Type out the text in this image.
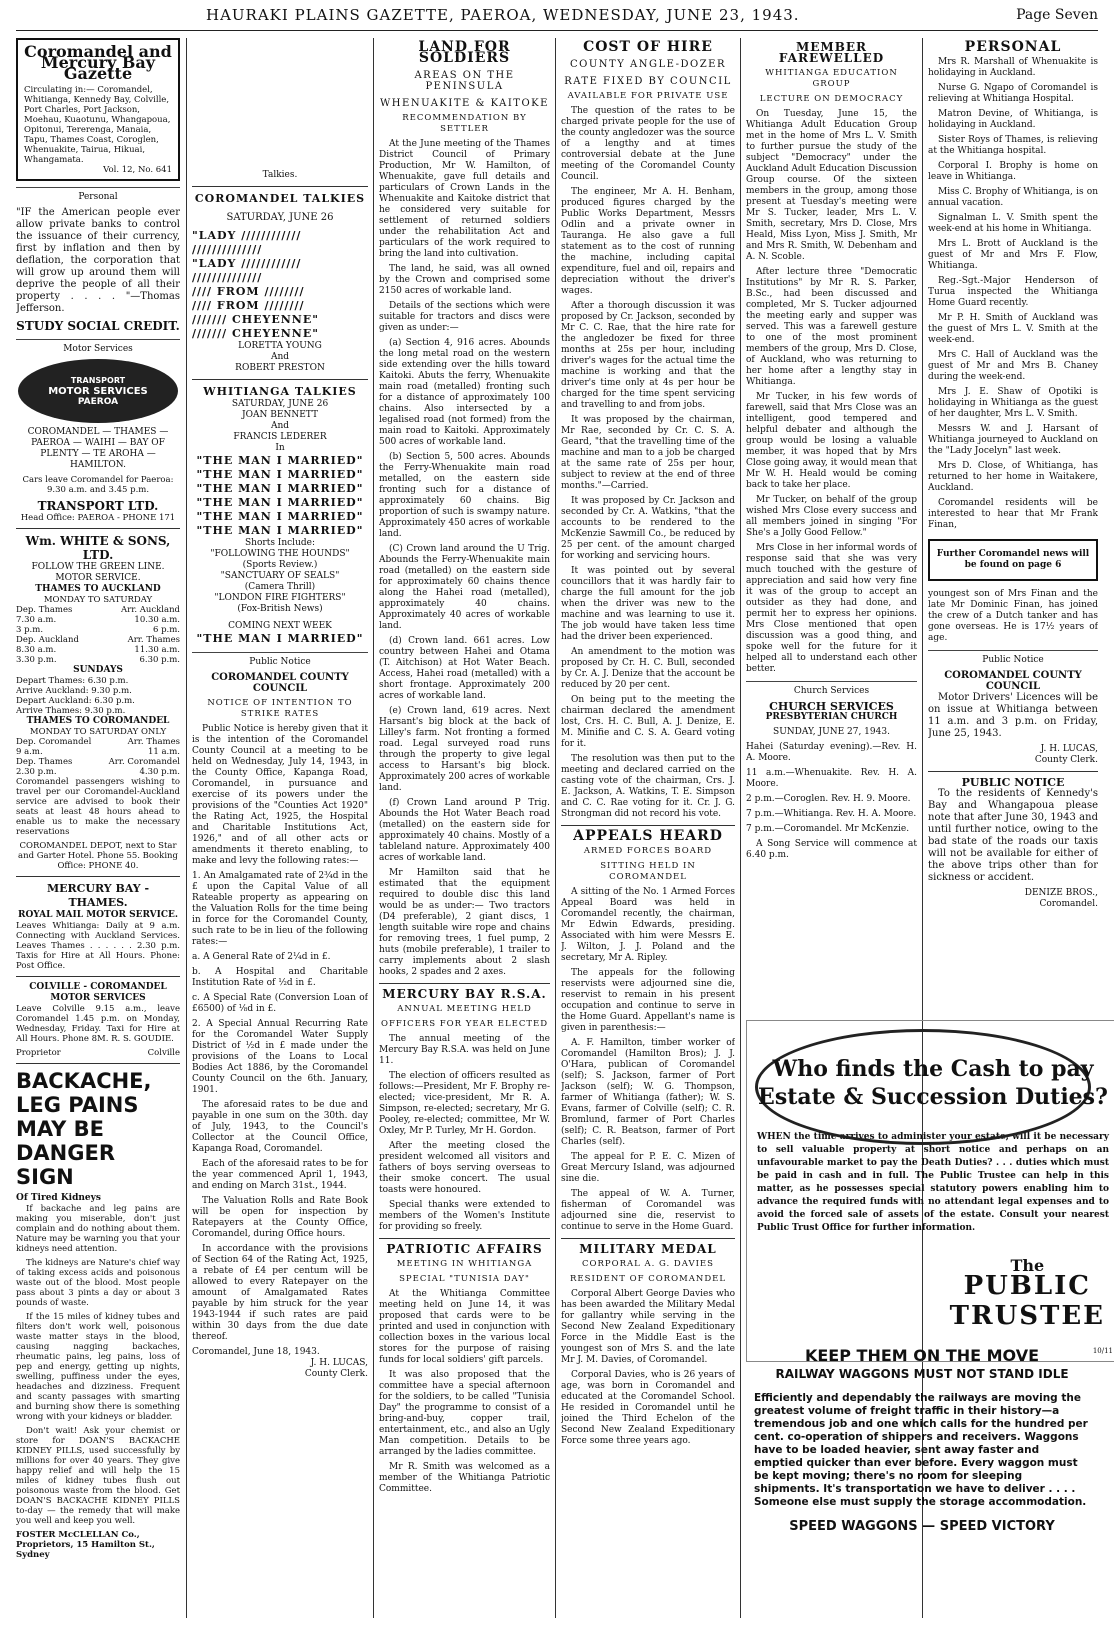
HAURAKI PLAINS GAZETTE, PAEROA, WEDNESDAY, JUNE 23, 1943.	Page Seven
Coromandel and Mercury Bay Gazette
Circulating in:— Coromandel, Whitianga, Kennedy Bay, Colville, Port Charles, Port Jackson, Moehau, Kuaotunu, Whangapoua, Opitonui, Tererenga, Manaia, Tapu, Thames Coast, Coroglen, Whenuakite, Tairua, Hikuai, Whangamata.
Vol. 12, No. 641
Personal

"IF the American people ever allow private banks to control the issuance of their currency, first by inflation and then by deflation, the corporation that will grow up around them will deprive the people of all their property . . . . "—Thomas Jefferson.

STUDY SOCIAL CREDIT.
Motor Services
TRANSPORT
MOTOR SERVICES
PAEROA

COROMANDEL — THAMES — PAEROA — WAIHI — BAY OF PLENTY — TE AROHA — HAMILTON.

Cars leave Coromandel for Paeroa: 9.30 a.m. and 3.45 p.m.

TRANSPORT LTD.
Head Office: PAEROA - PHONE 171
Wm. WHITE & SONS, LTD.
FOLLOW THE GREEN LINE. MOTOR SERVICE.
THAMES TO AUCKLAND
MONDAY TO SATURDAY
Dep. Thames	Arr. Auckland
7.30 a.m.	10.30 a.m.
3 p.m.	6 p.m.
Dep. Auckland	Arr. Thames
8.30 a.m.	11.30 a.m.
3.30 p.m.	6.30 p.m.
SUNDAYS
Depart Thames: 6.30 p.m.
Arrive Auckland: 9.30 p.m.
Depart Auckland: 6.30 p.m.
Arrive Thames: 9.30 p.m.
THAMES TO COROMANDEL
MONDAY TO SATURDAY ONLY
Dep. Coromandel	Arr. Thames
9 a.m.	11 a.m.
Dep. Thames	Arr. Coromandel
2.30 p.m.	4.30 p.m.

Coromandel passengers wishing to travel per our Coromandel-Auckland service are advised to book their seats at least 48 hours ahead to enable us to make the necessary reservations

COROMANDEL DEPOT, next to Star and Garter Hotel. Phone 55. Booking Office: PHONE 40.

MERCURY BAY - THAMES.
ROYAL MAIL MOTOR SERVICE.

Leaves Whitianga: Daily at 9 a.m. Connecting with Auckland Services. Leaves Thames . . . . . . 2.30 p.m. Taxis for Hire at All Hours. Phone: Post Office.

COLVILLE - COROMANDEL MOTOR SERVICES

Leave Colville 9.15 a.m., leave Coromandel 1.45 p.m. on Monday, Wednesday, Friday. Taxi for Hire at All Hours. Phone 8M. R. S. GOUDIE.

Proprietor	Colville
BACKACHE, LEG PAINS MAY BE DANGER SIGN
Of Tired Kidneys

If backache and leg pains are making you miserable, don't just complain and do nothing about them. Nature may be warning you that your kidneys need attention.

The kidneys are Nature's chief way of taking excess acids and poisonous waste out of the blood. Most people pass about 3 pints a day or about 3 pounds of waste.

If the 15 miles of kidney tubes and filters don't work well, poisonous waste matter stays in the blood, causing nagging backaches, rheumatic pains, leg pains, loss of pep and energy, getting up nights, swelling, puffiness under the eyes, headaches and dizziness. Frequent and scanty passages with smarting and burning show there is something wrong with your kidneys or bladder.

Don't wait! Ask your chemist or store for DOAN'S BACKACHE KIDNEY PILLS, used successfully by millions for over 40 years. They give happy relief and will help the 15 miles of kidney tubes flush out poisonous waste from the blood. Get DOAN'S BACKACHE KIDNEY PILLS to-day — the remedy that will make you well and keep you well.

FOSTER McCLELLAN Co., Proprietors, 15 Hamilton St., Sydney
Talkies.
COROMANDEL TALKIES
SATURDAY, JUNE 26
"LADY ////////////
//////////////
"LADY ////////////
//////////////
//// FROM ////////
//// FROM ////////
/////// CHEYENNE"
/////// CHEYENNE"
LORETTA YOUNG
And
ROBERT PRESTON
WHITIANGA TALKIES
SATURDAY, JUNE 26
JOAN BENNETT
And
FRANCIS LEDERER
In
"THE MAN I MARRIED"
"THE MAN I MARRIED"
"THE MAN I MARRIED"
"THE MAN I MARRIED"
"THE MAN I MARRIED"
"THE MAN I MARRIED"
Shorts Include:
"FOLLOWING THE HOUNDS"
(Sports Review.)
"SANCTUARY OF SEALS"
(Camera Thrill)
"LONDON FIRE FIGHTERS"
(Fox-British News)
COMING NEXT WEEK
"THE MAN I MARRIED"
Public Notice
COROMANDEL COUNTY COUNCIL
NOTICE OF INTENTION TO STRIKE RATES

Public Notice is hereby given that it is the intention of the Coromandel County Council at a meeting to be held on Wednesday, July 14, 1943, in the County Office, Kapanga Road, Coromandel, in pursuance and exercise of its powers under the provisions of the "Counties Act 1920" the Rating Act, 1925, the Hospital and Charitable Institutions Act, 1926," and of all other acts or amendments it thereto enabling, to make and levy the following rates:—

1. An Amalgamated rate of 2¾d in the £ upon the Capital Value of all Rateable property as appearing on the Valuation Rolls for the time being in force for the Coromandel County, such rate to be in lieu of the following rates:—

a. A General Rate of 2¼d in £.

b. A Hospital and Charitable Institution Rate of ½d in £.

c. A Special Rate (Conversion Loan of £6500) of ⅛d in £.

2. A Special Annual Recurring Rate for the Coromandel Water Supply District of ½d in £ made under the provisions of the Loans to Local Bodies Act 1886, by the Coromandel County Council on the 6th. January, 1901.

The aforesaid rates to be due and payable in one sum on the 30th. day of July, 1943, to the Council's Collector at the Council Office, Kapanga Road, Coromandel.

Each of the aforesaid rates to be for the year commenced April 1, 1943, and ending on March 31st., 1944.

The Valuation Rolls and Rate Book will be open for inspection by Ratepayers at the County Office, Coromandel, during Office hours.

In accordance with the provisions of Section 64 of the Rating Act, 1925, a rebate of £4 per centum will be allowed to every Ratepayer on the amount of Amalgamated Rates payable by him struck for the year 1943-1944 if such rates are paid within 30 days from the due date thereof.

Coromandel, June 18, 1943.
J. H. LUCAS,
County Clerk.
LAND FOR SOLDIERS
AREAS ON THE PENINSULA
WHENUAKITE & KAITOKE
RECOMMENDATION BY SETTLER

At the June meeting of the Thames District Council of Primary Production, Mr W. Hamilton, of Whenuakite, gave full details and particulars of Crown Lands in the Whenuakite and Kaitoke district that he considered very suitable for settlement of returned soldiers under the rehabilitation Act and particulars of the work required to bring the land into cultivation.

The land, he said, was all owned by the Crown and comprised some 2150 acres of workable land.

Details of the sections which were suitable for tractors and discs were given as under:—

(a) Section 4, 916 acres. Abounds the long metal road on the western side extending over the hills toward Kaitoki. Abuts the ferry, Whenuakite main road (metalled) fronting such for a distance of approximately 100 chains. Also intersected by a legalised road (not formed) from the main road to Kaitoki. Approximately 500 acres of workable land.

(b) Section 5, 500 acres. Abounds the Ferry-Whenuakite main road metalled, on the eastern side fronting such for a distance of approximately 60 chains. Big proportion of such is swampy nature. Approximately 450 acres of workable land.

(C) Crown land around the U Trig. Abounds the Ferry-Whenuakite main road (metalled) on the eastern side for approximately 60 chains thence along the Hahei road (metalled), approximately 40 chains. Approximately 40 acres of workable land.

(d) Crown land. 661 acres. Low country between Hahei and Otama (T. Aitchison) at Hot Water Beach. Access, Hahei road (metalled) with a short frontage. Approximately 200 acres of workable land.

(e) Crown land, 619 acres. Next Harsant's big block at the back of Lilley's farm. Not fronting a formed road. Legal surveyed road runs through the property to give legal access to Harsant's big block. Approximately 200 acres of workable land.

(f) Crown Land around P Trig. Abounds the Hot Water Beach road (metalled) on the eastern side for approximately 40 chains. Mostly of a tableland nature. Approximately 400 acres of workable land.

Mr Hamilton said that he estimated that the equipment required to double disc this land would be as under:— Two tractors (D4 preferable), 2 giant discs, 1 length suitable wire rope and chains for removing trees, 1 fuel pump, 2 huts (mobile preferable), 1 trailer to carry implements about 2 slash hooks, 2 spades and 2 axes.

MERCURY BAY R.S.A.
ANNUAL MEETING HELD
OFFICERS FOR YEAR ELECTED

The annual meeting of the Mercury Bay R.S.A. was held on June 11.

The election of officers resulted as follows:—President, Mr F. Brophy re-elected; vice-president, Mr R. A. Simpson, re-elected; secretary, Mr G. Pooley, re-elected; committee, Mr W. Oxley, Mr P. Turley, Mr H. Gordon.

After the meeting closed the president welcomed all visitors and fathers of boys serving overseas to their smoke concert. The usual toasts were honoured.

Special thanks were extended to members of the Women's Institute for providing so freely.

PATRIOTIC AFFAIRS
MEETING IN WHITIANGA
SPECIAL "TUNISIA DAY"

At the Whitianga Committee meeting held on June 14, it was proposed that cards were to be printed and used in conjunction with collection boxes in the various local stores for the purpose of raising funds for local soldiers' gift parcels.

It was also proposed that the committee have a special afternoon for the soldiers, to be called "Tunisia Day" the programme to consist of a bring-and-buy, copper trail, entertainment, etc., and also an Ugly Man competition. Details to be arranged by the ladies committee.

Mr R. Smith was welcomed as a member of the Whitianga Patriotic Committee.

COST OF HIRE
COUNTY ANGLE-DOZER
RATE FIXED BY COUNCIL
AVAILABLE FOR PRIVATE USE

The question of the rates to be charged private people for the use of the county angledozer was the source of a lengthy and at times controversial debate at the June meeting of the Coromandel County Council.

The engineer, Mr A. H. Benham, produced figures charged by the Public Works Department, Messrs Odlin and a private owner in Tauranga. He also gave a full statement as to the cost of running the machine, including capital expenditure, fuel and oil, repairs and depreciation without the driver's wages.

After a thorough discussion it was proposed by Cr. Jackson, seconded by Mr C. C. Rae, that the hire rate for the angledozer be fixed for three months at 25s per hour, including driver's wages for the actual time the machine is working and that the driver's time only at 4s per hour be charged for the time spent servicing and travelling to and from jobs.

It was proposed by the chairman, Mr Rae, seconded by Cr. C. S. A. Geard, "that the travelling time of the machine and man to a job be charged at the same rate of 25s per hour, subject to review at the end of three months."—Carried.

It was proposed by Cr. Jackson and seconded by Cr. A. Watkins, "that the accounts to be rendered to the McKenzie Sawmill Co., be reduced by 25 per cent. of the amount charged for working and servicing hours.

It was pointed out by several councillors that it was hardly fair to charge the full amount for the job when the driver was new to the machine and was learning to use it. The job would have taken less time had the driver been experienced.

An amendment to the motion was proposed by Cr. H. C. Bull, seconded by Cr. A. J. Denize that the account be reduced by 20 per cent.

On being put to the meeting the chairman declared the amendment lost, Crs. H. C. Bull, A. J. Denize, E. M. Minifie and C. S. A. Geard voting for it.

The resolution was then put to the meeting and declared carried on the casting vote of the chairman, Crs. J. E. Jackson, A. Watkins, T. E. Simpson and C. C. Rae voting for it. Cr. J. G. Strongman did not record his vote.

APPEALS HEARD
ARMED FORCES BOARD
SITTING HELD IN COROMANDEL

A sitting of the No. 1 Armed Forces Appeal Board was held in Coromandel recently, the chairman, Mr Edwin Edwards, presiding. Associated with him were Messrs E. J. Wilton, J. J. Poland and the secretary, Mr A. Ripley.

The appeals for the following reservists were adjourned sine die, reservist to remain in his present occupation and continue to serve in the Home Guard. Appellant's name is given in parenthesis:—

A. F. Hamilton, timber worker of Coromandel (Hamilton Bros); J. J. O'Hara, publican of Coromandel (self); S. Jackson, farmer of Port Jackson (self); W. G. Thompson, farmer of Whitianga (father); W. S. Evans, farmer of Colville (self); C. R. Bromlund, farmer of Port Charles (self); C. R. Beatson, farmer of Port Charles (self).

The appeal for P. E. C. Mizen of Great Mercury Island, was adjourned sine die.

The appeal of W. A. Turner, fisherman of Coromandel was adjourned sine die, reservist to continue to serve in the Home Guard.

MILITARY MEDAL
CORPORAL A. G. DAVIES
RESIDENT OF COROMANDEL

Corporal Albert George Davies who has been awarded the Military Medal for gallantry while serving in the Second New Zealand Expeditionary Force in the Middle East is the youngest son of Mrs S. and the late Mr J. M. Davies, of Coromandel.

Corporal Davies, who is 26 years of age, was born in Coromandel and educated at the Coromandel School. He resided in Coromandel until he joined the Third Echelon of the Second New Zealand Expeditionary Force some three years ago.

MEMBER FAREWELLED
WHITIANGA EDUCATION GROUP
LECTURE ON DEMOCRACY

On Tuesday, June 15, the Whitianga Adult Education Group met in the home of Mrs L. V. Smith to further pursue the study of the subject "Democracy" under the Auckland Adult Education Discussion Group course. Of the sixteen members in the group, among those present at Tuesday's meeting were Mr S. Tucker, leader, Mrs L. V. Smith, secretary, Mrs D. Close, Mrs Heald, Miss Lyon, Miss J. Smith, Mr and Mrs R. Smith, W. Debenham and A. N. Scoble.

After lecture three "Democratic Institutions" by Mr R. S. Parker, B.Sc., had been discussed and completed, Mr S. Tucker adjourned the meeting early and supper was served. This was a farewell gesture to one of the most prominent members of the group, Mrs D. Close, of Auckland, who was returning to her home after a lengthy stay in Whitianga.

Mr Tucker, in his few words of farewell, said that Mrs Close was an intelligent, good tempered and helpful debater and although the group would be losing a valuable member, it was hoped that by Mrs Close going away, it would mean that Mr W. H. Heald would be coming back to take her place.

Mr Tucker, on behalf of the group wished Mrs Close every success and all members joined in singing "For She's a Jolly Good Fellow."

Mrs Close in her informal words of response said that she was very much touched with the gesture of appreciation and said how very fine it was of the group to accept an outsider as they had done, and permit her to express her opinions. Mrs Close mentioned that open discussion was a good thing, and spoke well for the future for it helped all to understand each other better.

Church Services
CHURCH SERVICES
PRESBYTERIAN CHURCH
SUNDAY, JUNE 27, 1943.

Hahei (Saturday evening).—Rev. H. A. Moore.

11 a.m.—Whenuakite. Rev. H. A. Moore.

2 p.m.—Coroglen. Rev. H. 9. Moore.

7 p.m.—Whitianga. Rev. H. A. Moore.

7 p.m.—Coromandel. Mr McKenzie.

A Song Service will commence at 6.40 p.m.

PERSONAL

Mrs R. Marshall of Whenuakite is holidaying in Auckland.

Nurse G. Ngapo of Coromandel is relieving at Whitianga Hospital.

Matron Devine, of Whitianga, is holidaying in Auckland.

Sister Roys of Thames, is relieving at the Whitianga hospital.

Corporal I. Brophy is home on leave in Whitianga.

Miss C. Brophy of Whitianga, is on annual vacation.

Signalman L. V. Smith spent the week-end at his home in Whitianga.

Mrs L. Brott of Auckland is the guest of Mr and Mrs F. Flow, Whitianga.

Reg.-Sgt.-Major Henderson of Turua inspected the Whitianga Home Guard recently.

Mr P. H. Smith of Auckland was the guest of Mrs L. V. Smith at the week-end.

Mrs C. Hall of Auckland was the guest of Mr and Mrs B. Chaney during the week-end.

Mrs J. E. Shaw of Opotiki is holidaying in Whitianga as the guest of her daughter, Mrs L. V. Smith.

Messrs W. and J. Harsant of Whitianga journeyed to Auckland on the "Lady Jocelyn" last week.

Mrs D. Close, of Whitianga, has returned to her home in Waitakere, Auckland.

Coromandel residents will be interested to hear that Mr Frank Finan,

Further Coromandel news will be found on page 6

youngest son of Mrs Finan and the late Mr Dominic Finan, has joined the crew of a Dutch tanker and has gone overseas. He is 17½ years of age.

Public Notice
COROMANDEL COUNTY COUNCIL

Motor Drivers' Licences will be on issue at Whitianga between 11 a.m. and 3 p.m. on Friday, June 25, 1943.

J. H. LUCAS,
County Clerk.
PUBLIC NOTICE

To the residents of Kennedy's Bay and Whangapoua please note that after June 30, 1943 and until further notice, owing to the bad state of the roads our taxis will not be available for either of the above trips other than for sickness or accident.

DENIZE BROS.,
Coromandel.
Who finds the Cash to pay
Estate & Succession Duties?

WHEN the time arrives to administer your estate, will it be necessary to sell valuable property at short notice and perhaps on an unfavourable market to pay the Death Duties? . . . duties which must be paid in cash and in full. The Public Trustee can help in this matter, as he possesses special statutory powers enabling him to advance the required funds with no attendant legal expenses and to avoid the forced sale of assets of the estate. Consult your nearest Public Trust Office for further information.

The
PUBLIC
TRUSTEE
10/11
KEEP THEM ON THE MOVE
RAILWAY WAGGONS MUST NOT STAND IDLE

Efficiently and dependably the railways are moving the greatest volume of freight traffic in their history—a tremendous job and one which calls for the hundred per cent. co-operation of shippers and receivers. Waggons have to be loaded heavier, sent away faster and emptied quicker than ever before. Every waggon must be kept moving; there's no room for sleeping shipments. It's transportation we have to deliver . . . . Someone else must supply the storage accommodation.

SPEED WAGGONS — SPEED VICTORY
